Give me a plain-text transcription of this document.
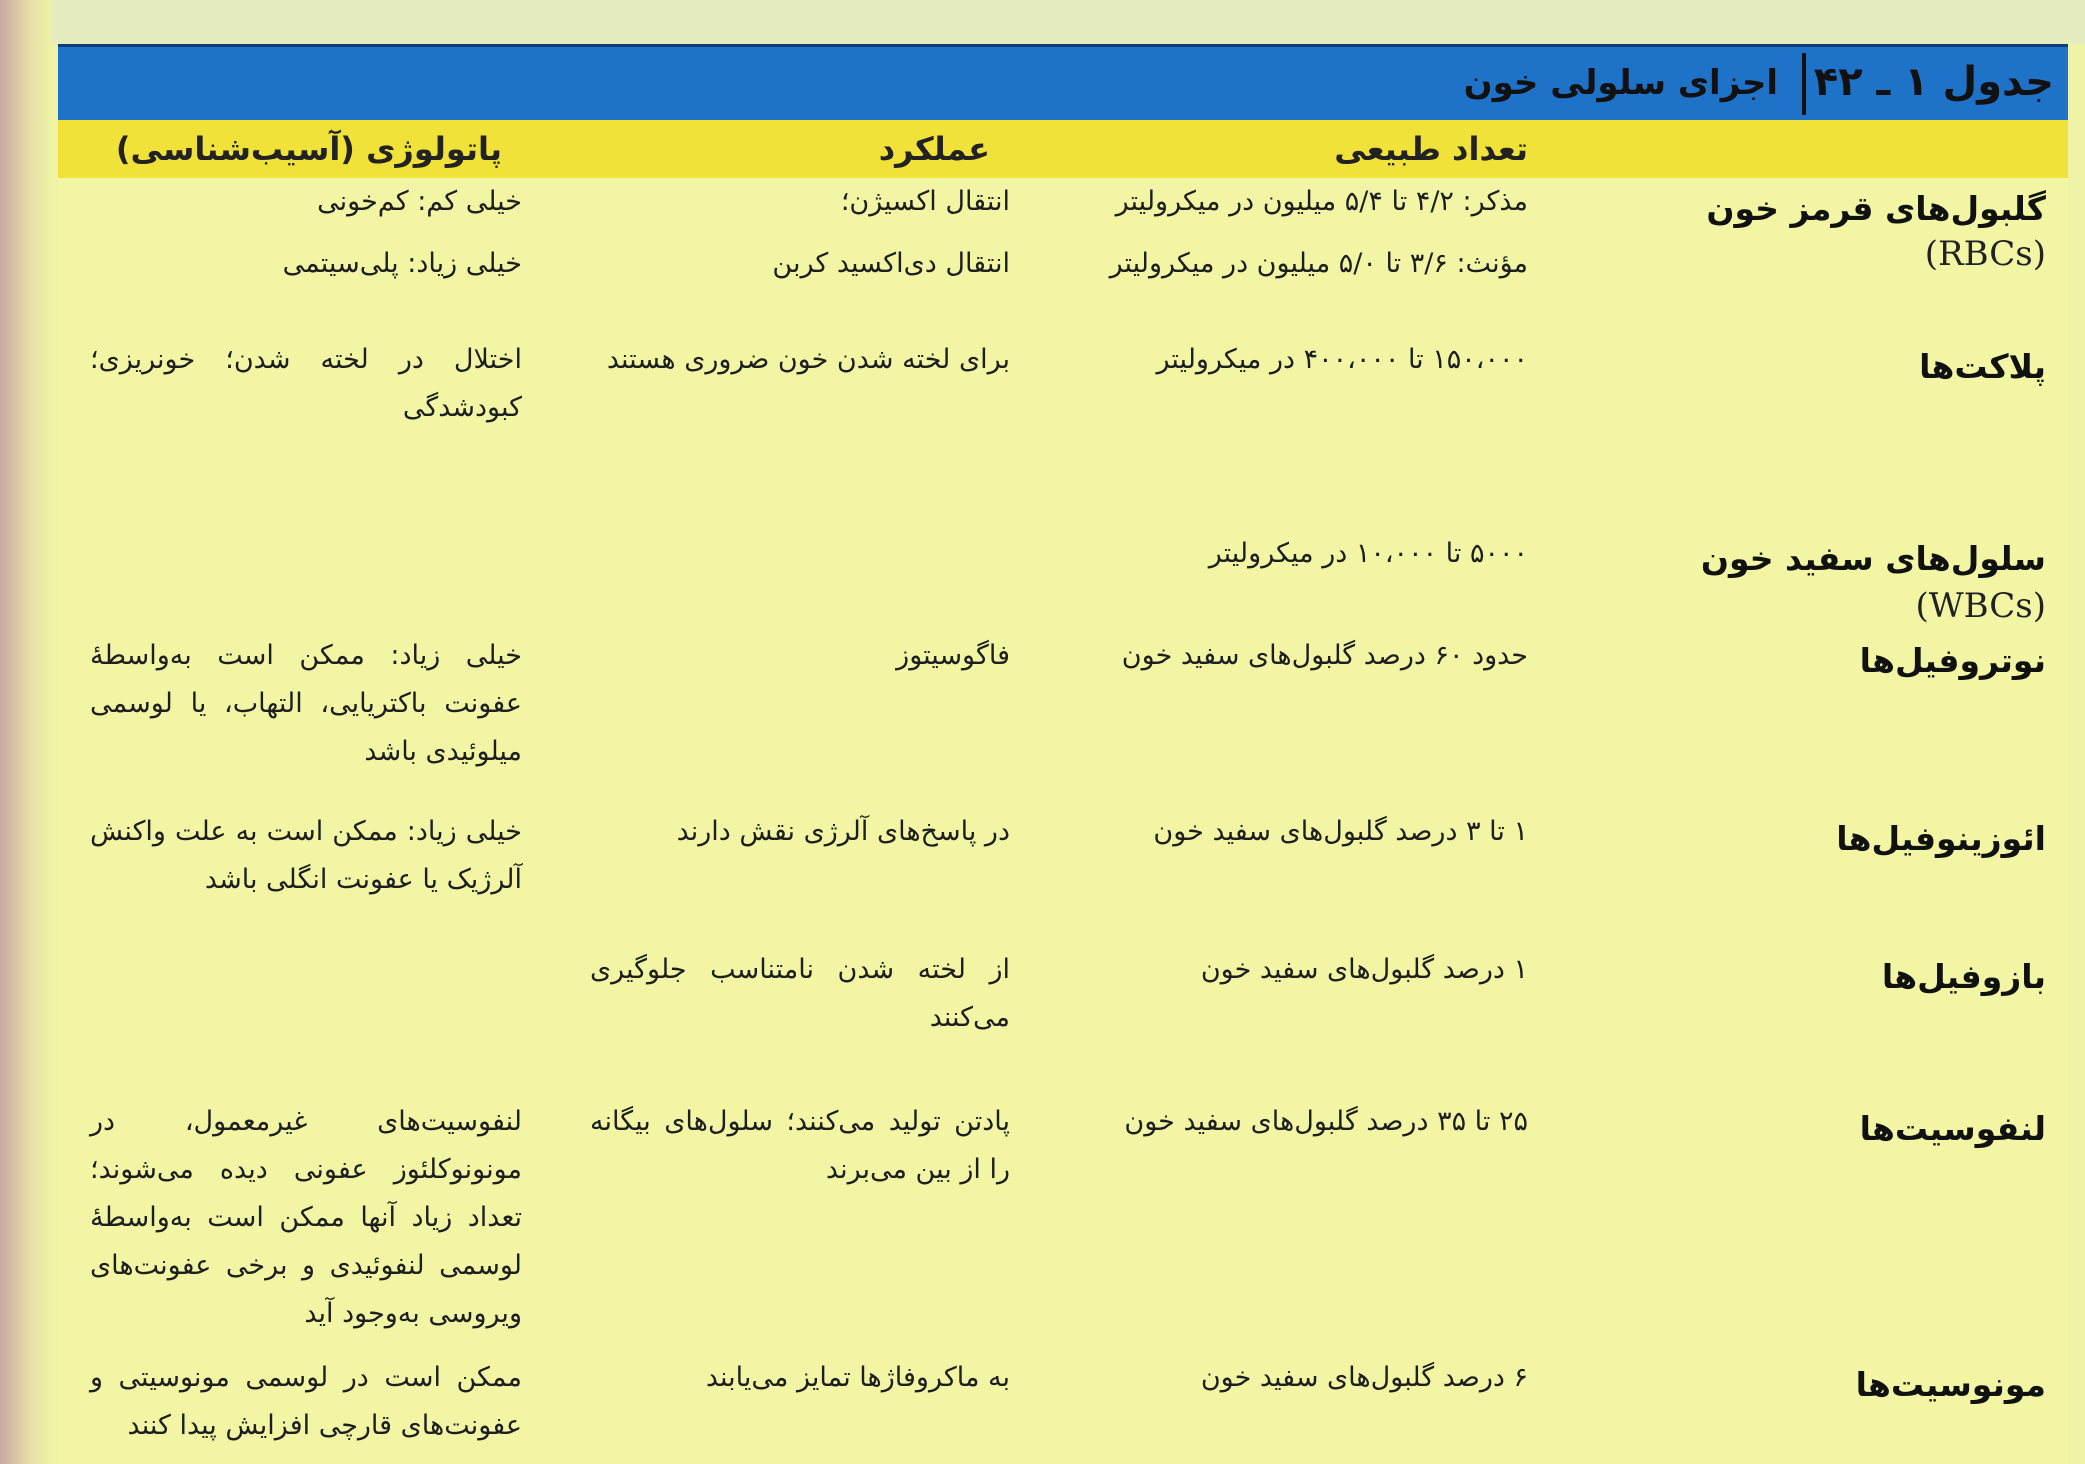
جدول ۱ ـ ۴۲
اجزای سلولی خون
تعداد طبیعی
عملکرد
پاتولوژی (آسیب‌شناسی)
گلبول‌های قرمز خون
(RBCs)
مذکر: ۴/۲ تا ۵/۴ میلیون در میکرولیتر
مؤنث: ۳/۶ تا ۵/۰ میلیون در میکرولیتر
انتقال اکسیژن؛
انتقال دی‌اکسید کربن
خیلی کم: کم‌خونی
خیلی زیاد: پلی‌سیتمی
پلاکت‌ها
۱۵۰،۰۰۰ تا ۴۰۰،۰۰۰ در میکرولیتر
برای لخته شدن خون ضروری هستند
اختلال در لخته شدن؛ خونریزی؛ کبودشدگی
سلول‌های سفید خون
(WBCs)
۵۰۰۰ تا ۱۰،۰۰۰ در میکرولیتر
نوتروفیل‌ها
حدود ۶۰ درصد گلبول‌های سفید خون
فاگوسیتوز
خیلی زیاد: ممکن است به‌واسطهٔ عفونت باکتریایی، التهاب، یا لوسمی میلوئیدی باشد
ائوزینوفیل‌ها
۱ تا ۳ درصد گلبول‌های سفید خون
در پاسخ‌های آلرژی نقش دارند
خیلی زیاد: ممکن است به علت واکنش آلرژیک یا عفونت انگلی باشد
بازوفیل‌ها
۱ درصد گلبول‌های سفید خون
از لخته شدن نامتناسب جلوگیری می‌کنند
لنفوسیت‌ها
۲۵ تا ۳۵ درصد گلبول‌های سفید خون
پادتن تولید می‌کنند؛ سلول‌های بیگانه را از بین می‌برند
لنفوسیت‌های غیرمعمول، در مونونوکلئوز عفونی دیده می‌شوند؛ تعداد زیاد آنها ممکن است به‌واسطهٔ لوسمی لنفوئیدی و برخی عفونت‌های ویروسی به‌وجود آید
مونوسیت‌ها
۶ درصد گلبول‌های سفید خون
به ماکروفاژها تمایز می‌یابند
ممکن است در لوسمی مونوسیتی و عفونت‌های قارچی افزایش پیدا کنند
